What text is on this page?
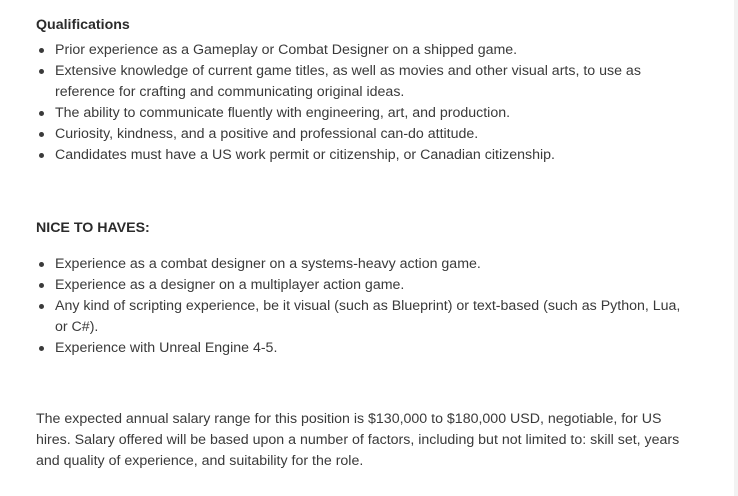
Qualifications
Prior experience as a Gameplay or Combat Designer on a shipped game.
Extensive knowledge of current game titles, as well as movies and other visual arts, to use as reference for crafting and communicating original ideas.
The ability to communicate fluently with engineering, art, and production.
Curiosity, kindness, and a positive and professional can-do attitude.
Candidates must have a US work permit or citizenship, or Canadian citizenship.
NICE TO HAVES:
Experience as a combat designer on a systems-heavy action game.
Experience as a designer on a multiplayer action game.
Any kind of scripting experience, be it visual (such as Blueprint) or text-based (such as Python, Lua, or C#).
Experience with Unreal Engine 4-5.

The expected annual salary range for this position is $130,000 to $180,000 USD, negotiable, for US hires. Salary offered will be based upon a number of factors, including but not limited to: skill set, years and quality of experience, and suitability for the role.
